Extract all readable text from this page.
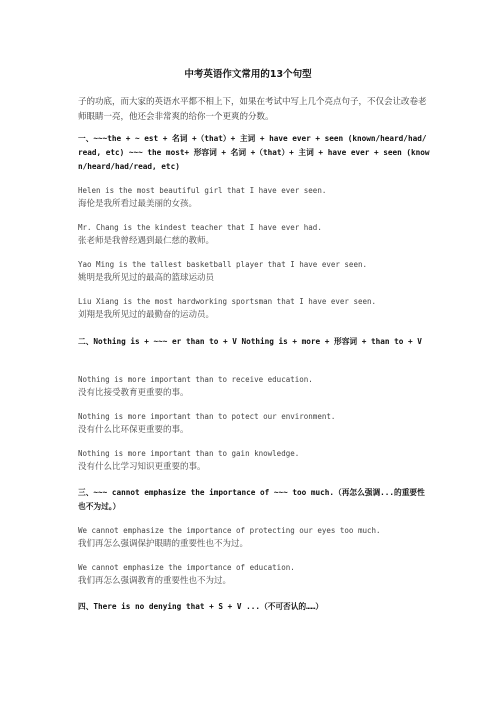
中考英语作文常用的13个句型
子的功底，而大家的英语水平都不相上下，如果在考试中写上几个亮点句子，不仅会让改卷老师眼睛一亮，他还会非常爽的给你一个更爽的分数。
一、~~~the + ~ est + 名词 +（that）+ 主词 + have ever + seen (known/heard/had/read, etc) ~~~ the most+ 形容词 + 名词 +（that）+ 主词 + have ever + seen (known/heard/had/read, etc)
Helen is the most beautiful girl that I have ever seen.
海伦是我所看过最美丽的女孩。
Mr. Chang is the kindest teacher that I have ever had.
张老师是我曾经遇到最仁慈的教师。
Yao Ming is the tallest basketball player that I have ever seen.
姚明是我所见过的最高的篮球运动员
Liu Xiang is the most hardworking sportsman that I have ever seen.
刘翔是我所见过的最勤奋的运动员。
二、Nothing is + ~~~ er than to + V Nothing is + more + 形容词 + than to + V
Nothing is more important than to receive education.
没有比接受教育更重要的事。
Nothing is more important than to potect our environment.
没有什么比环保更重要的事。
Nothing is more important than to gain knowledge.
没有什么比学习知识更重要的事。
三、~~~ cannot emphasize the importance of ~~~ too much.（再怎么强调...的重要性也不为过。）
We cannot emphasize the importance of protecting our eyes too much.
我们再怎么强调保护眼睛的重要性也不为过。
We cannot emphasize the importance of education.
我们再怎么强调教育的重要性也不为过。
四、There is no denying that + S + V ...（不可否认的……）
